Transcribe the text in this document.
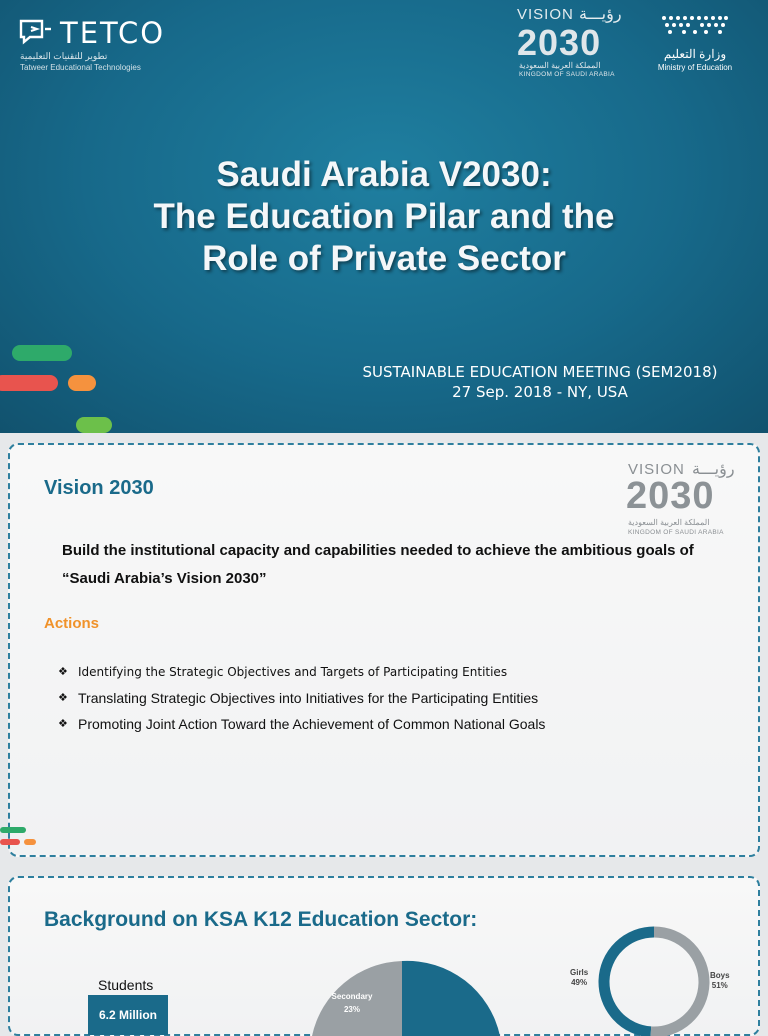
TETCO
تطوير للتقنيات التعليمية
Tatweer Educational Technologies
VISION رؤيـــة
2030
المملكة العربية السعودية
KINGDOM OF SAUDI ARABIA
وزارة التعليم
Ministry of Education
Saudi Arabia V2030:
The Education Pilar and the
Role of Private Sector
SUSTAINABLE EDUCATION MEETING (SEM2018)
27 Sep. 2018 - NY, USA
Vision 2030
VISION رؤيـــة
2030
المملكة العربية السعودية
KINGDOM OF SAUDI ARABIA
Build the institutional capacity and capabilities needed to achieve the ambitious goals of “Saudi Arabia’s Vision 2030”
Actions
❖ Identifying the Strategic Objectives and Targets of Participating Entities
❖ Translating Strategic Objectives into Initiatives for the Participating Entities
❖ Promoting Joint Action Toward the Achievement of Common National Goals
Background on KSA K12 Education Sector:
Students
6.2 Million
Secondary
23%
Girls
49%
Boys
51%
